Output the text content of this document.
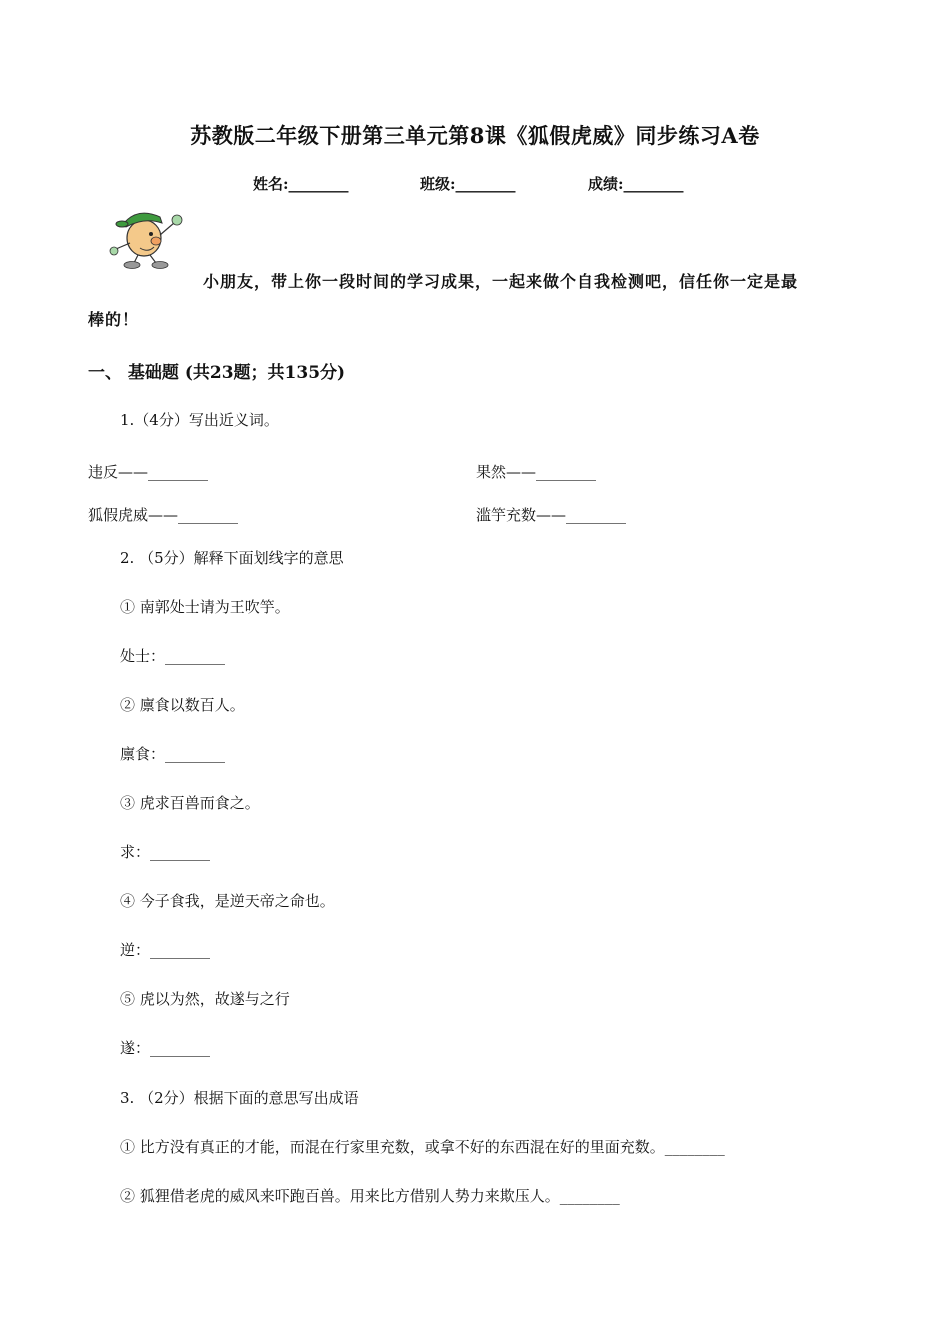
苏教版二年级下册第三单元第8课《狐假虎威》同步练习A卷
姓名:________	班级:________	成绩:________
小朋友，带上你一段时间的学习成果，一起来做个自我检测吧，信任你一定是最
棒的！
一、 基础题 (共23题；共135分)
1.（4分）写出近义词。
违反——________	果然——________
狐假虎威——________	滥竽充数——________
2. （5分）解释下面划线字的意思
① 南郭处士请为王吹竽。
处士：________
② 廪食以数百人。
廪食：________
③ 虎求百兽而食之。
求：________
④ 今子食我，是逆天帝之命也。
逆：________
⑤ 虎以为然，故遂与之行
遂：________
3. （2分）根据下面的意思写出成语
① 比方没有真正的才能，而混在行家里充数，或拿不好的东西混在好的里面充数。________
② 狐狸借老虎的威风来吓跑百兽。用来比方借别人势力来欺压人。________
